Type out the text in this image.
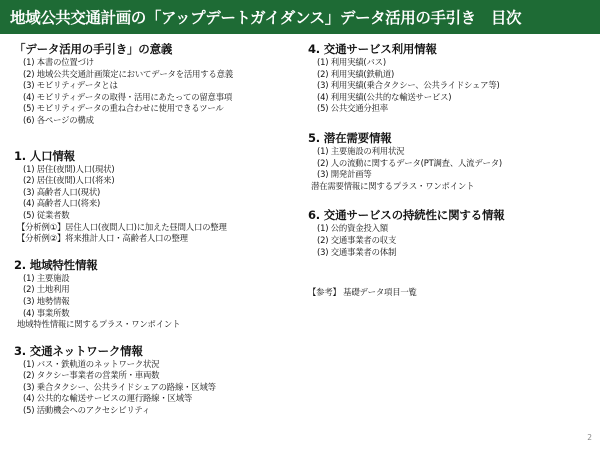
地域公共交通計画の「アップデートガイダンス」データ活用の手引き　目次
「データ活用の手引き」の意義
(1) 本書の位置づけ
(2) 地域公共交通計画策定においてデータを活用する意義
(3) モビリティデータとは
(4) モビリティデータの取得・活用にあたっての留意事項
(5) モビリティデータの重ね合わせに使用できるツール
(6) 各ページの構成
1. 人口情報
(1) 居住(夜間)人口(現状)
(2) 居住(夜間)人口(将来)
(3) 高齢者人口(現状)
(4) 高齢者人口(将来)
(5) 従業者数
【分析例①】居住人口(夜間人口)に加えた昼間人口の整理
【分析例②】将来推計人口・高齢者人口の整理
2. 地域特性情報
(1) 主要施設
(2) 土地利用
(3) 地勢情報
(4) 事業所数
地域特性情報に関するプラス・ワンポイント
3. 交通ネットワーク情報
(1) バス・鉄軌道のネットワーク状況
(2) タクシー事業者の営業所・車両数
(3) 乗合タクシー、公共ライドシェアの路線・区域等
(4) 公共的な輸送サービスの運行路線・区域等
(5) 活動機会へのアクセシビリティ
4. 交通サービス利用情報
(1) 利用実績(バス)
(2) 利用実績(鉄軌道)
(3) 利用実績(乗合タクシー、公共ライドシェア等)
(4) 利用実績(公共的な輸送サービス)
(5) 公共交通分担率
5. 潜在需要情報
(1) 主要施設の利用状況
(2) 人の流動に関するデータ(PT調査、人流データ)
(3) 開発計画等
潜在需要情報に関するプラス・ワンポイント
6. 交通サービスの持続性に関する情報
(1) 公的資金投入額
(2) 交通事業者の収支
(3) 交通事業者の体制
【参考】 基礎データ項目一覧
2
